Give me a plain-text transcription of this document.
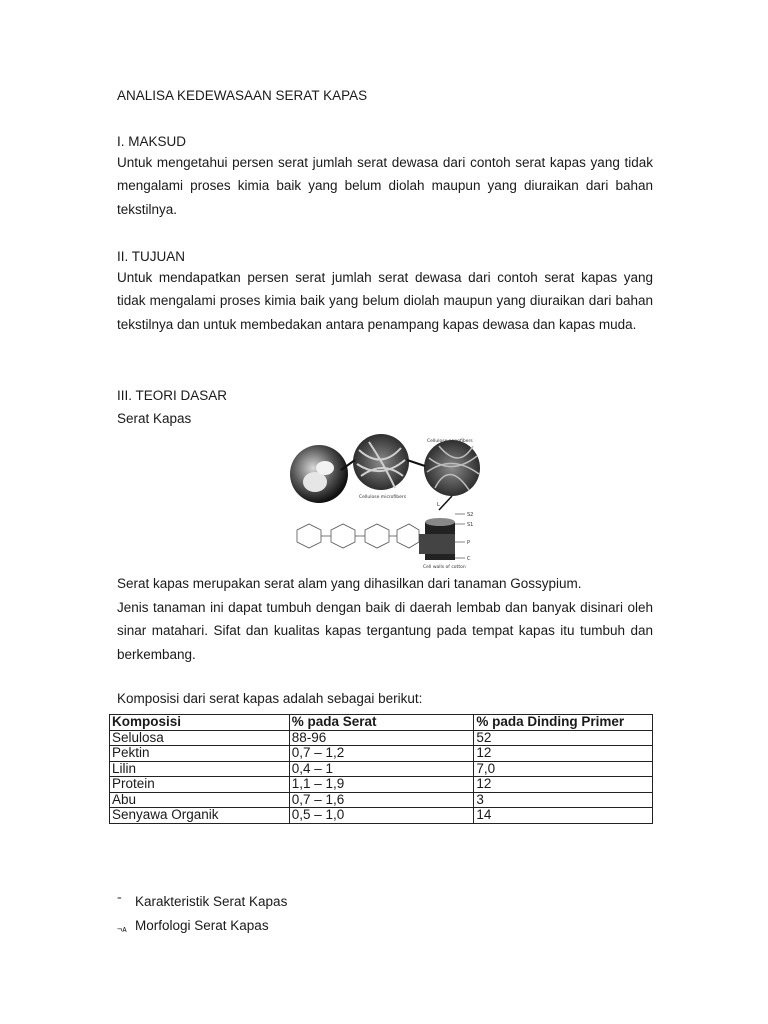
ANALISA KEDEWASAAN SERAT KAPAS
I. MAKSUD

Untuk mengetahui persen serat jumlah serat dewasa dari contoh serat kapas yang tidak mengalami proses kimia baik yang belum diolah maupun yang diuraikan dari bahan tekstilnya.

II. TUJUAN

Untuk mendapatkan persen serat jumlah serat dewasa dari contoh serat kapas yang tidak mengalami proses kimia baik yang belum diolah maupun yang diuraikan dari bahan tekstilnya dan untuk membedakan antara penampang kapas dewasa dan kapas muda.

III. TEORI DASAR
Serat Kapas
S2
S1
P
C
L
Cellulose nanofibers
Cellulose microfibers
Cell walls of cotton

Serat kapas merupakan serat alam yang dihasilkan dari tanaman Gossypium.

Jenis tanaman ini dapat tumbuh dengan baik di daerah lembab dan banyak disinari oleh sinar matahari. Sifat dan kualitas kapas tergantung pada tempat kapas itu tumbuh dan berkembang.

Komposisi dari serat kapas adalah sebagai berikut:
Komposisi	% pada Serat	% pada Dinding Primer
Selulosa	88-96	52
Pektin	0,7 – 1,2	12
Lilin	0,4 – 1	7,0
Protein	1,1 – 1,9	12
Abu	0,7 – 1,6	3
Senyawa Organik	0,5 – 1,0	14
⁼ Karakteristik Serat Kapas
¬ᴀ Morfologi Serat Kapas
